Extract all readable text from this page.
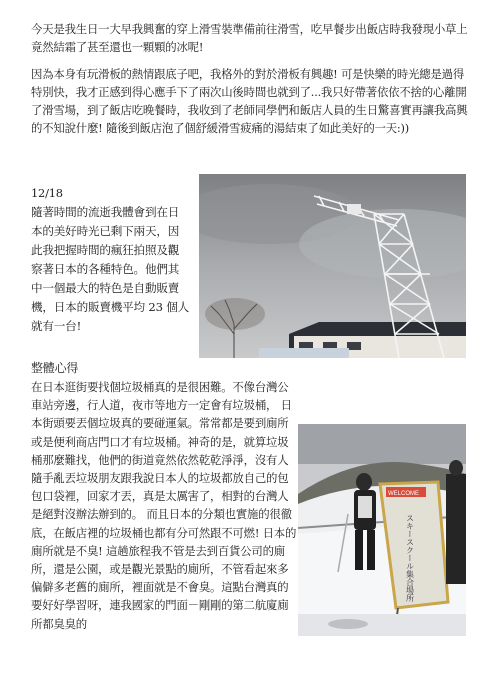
今天是我生日一大早我興奮的穿上滑雪裝準備前往滑雪，吃早餐步出飯店時我發現小草上竟然結霜了甚至還也一顆顆的冰呢!
因為本身有玩滑板的熱情跟底子吧，我格外的對於滑板有興趣! 可是快樂的時光總是過得特別快，我才正感到得心應手下了兩次山後時間也就到了...我只好帶著依依不捨的心離開了滑雪場，到了飯店吃晚餐時，我收到了老師同學們和飯店人員的生日驚喜實再讓我高興的不知說什麼! 隨後到飯店泡了個舒緩滑雪疲痛的湯結束了如此美好的一天:))
12/18
隨著時間的流逝我體會到在日本的美好時光已剩下兩天，因此我把握時間的瘋狂拍照及觀察著日本的各種特色。他們其中一個最大的特色是自動販賣機，日本的販賣機平均 23 個人就有一台!
整體心得
在日本逛街要找個垃圾桶真的是很困難。不像台灣公車站旁邊，行人道，夜市等地方一定會有垃圾桶， 日本街頭要丟個垃圾真的要碰運氣。常常都是要到廁所或是便利商店門口才有垃圾桶。神奇的是，就算垃圾桶那麼難找，他們的街道竟然依然乾乾淨淨，沒有人隨手亂丟垃圾朋友跟我說日本人的垃圾都放自己的包包口袋裡，回家才丟，真是太厲害了，相對的台灣人是絕對沒辦法辦到的。 而且日本的分類也實施的很徹底，在飯店裡的垃圾桶也都有分可然跟不可燃! 日本的廁所就是不臭! 這趟旅程我不管是去到百貨公司的廁所，還是公園，或是觀光景點的廁所，不管看起來多偏僻多老舊的廁所，裡面就是不會臭。這點台灣真的要好好學習呀，連我國家的門面－剛剛的第二航廈廁所都臭臭的
WELCOME
スキースクール集合場所
